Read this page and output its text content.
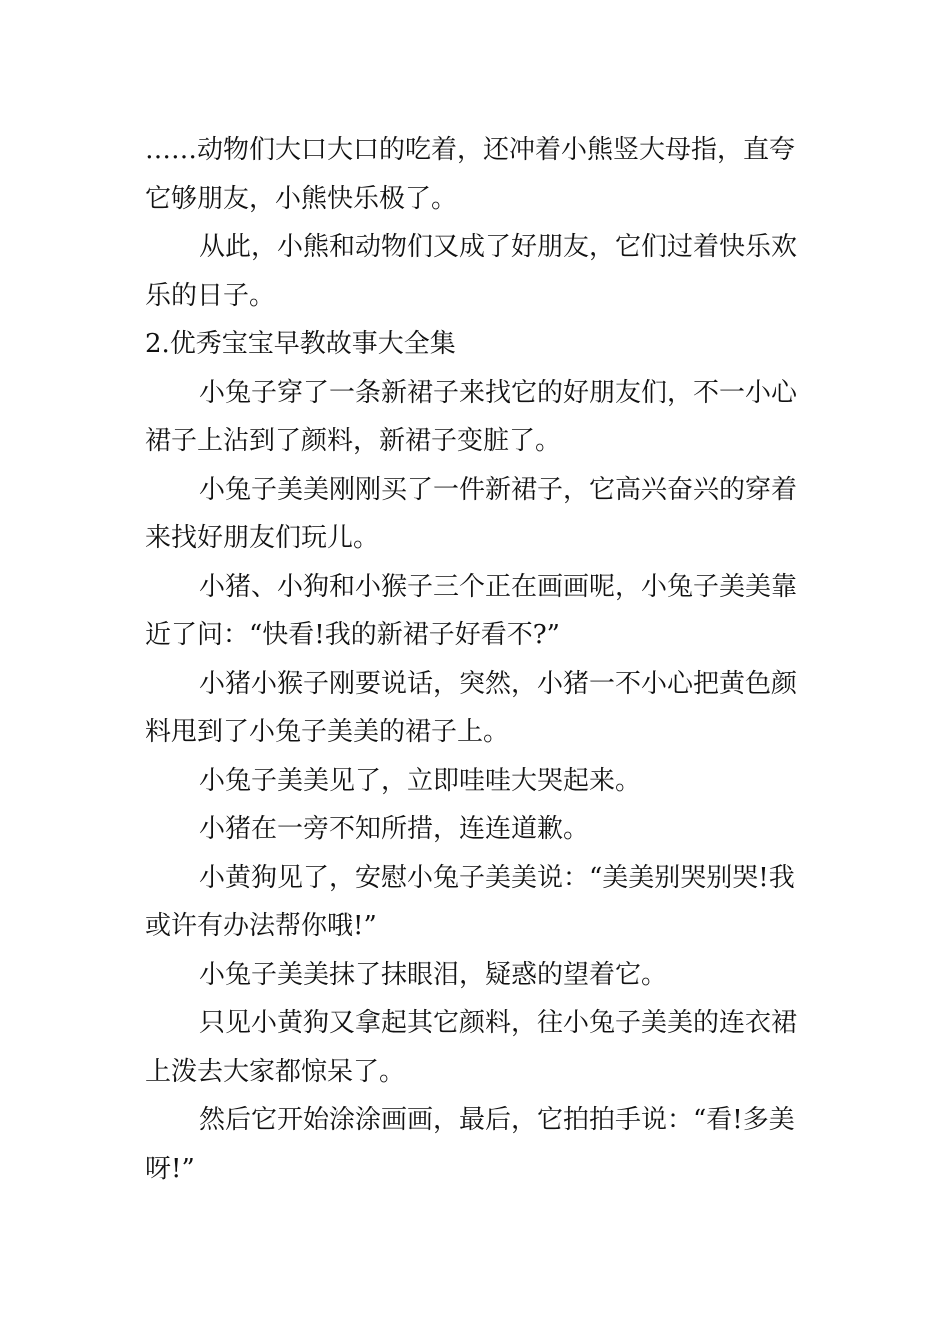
……动物们大口大口的吃着，还冲着小熊竖大母指，直夸
它够朋友，小熊快乐极了。
从此，小熊和动物们又成了好朋友，它们过着快乐欢
乐的日子。
2.优秀宝宝早教故事大全集
小兔子穿了一条新裙子来找它的好朋友们，不一小心
裙子上沾到了颜料，新裙子变脏了。
小兔子美美刚刚买了一件新裙子，它高兴奋兴的穿着
来找好朋友们玩儿。
小猪、小狗和小猴子三个正在画画呢，小兔子美美靠
近了问：“快看!我的新裙子好看不?”
小猪小猴子刚要说话，突然，小猪一不小心把黄色颜
料甩到了小兔子美美的裙子上。
小兔子美美见了，立即哇哇大哭起来。
小猪在一旁不知所措，连连道歉。
小黄狗见了，安慰小兔子美美说：“美美别哭别哭!我
或许有办法帮你哦!”
小兔子美美抹了抹眼泪，疑惑的望着它。
只见小黄狗又拿起其它颜料，往小兔子美美的连衣裙
上泼去大家都惊呆了。
然后它开始涂涂画画，最后，它拍拍手说：“看!多美
呀!”
